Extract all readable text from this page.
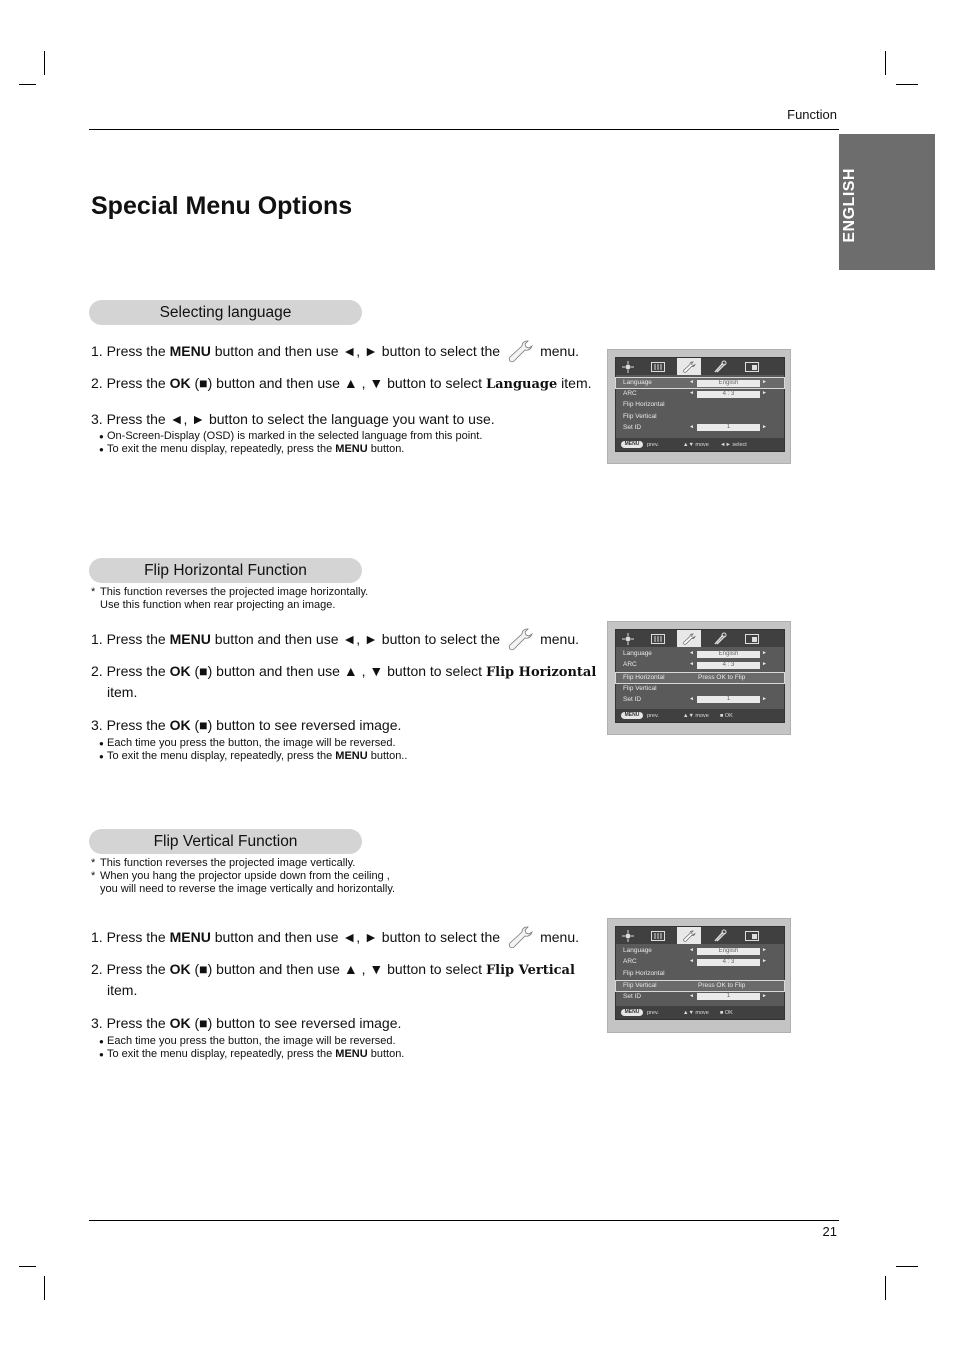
Function
Special Menu Options	ENGLISH
Selecting language
1. Press the MENU button and then use ◄, ► button to select the	menu.
2. Press the OK (■) button and then use ▲ , ▼ button to select Language item.
3. Press the ◄, ► button to select the language you want to use.
● On-Screen-Display (OSD) is marked in the selected language from this point.
● To exit the menu display, repeatedly, press the MENU button.
Language	◄	English	►
ARC	◄	4 : 3	►
Flip Horizontal
Flip Vertical
Set ID	◄	1	►
MENU	prev.	▲▼ move ◄► select
Flip Horizontal Function
* This function reverses the projected image horizontally.
Use this function when rear projecting an image.
1. Press the MENU button and then use ◄, ► button to select the	menu.
2. Press the OK (■) button and then use ▲ , ▼ button to select Flip Horizontal
item.
3. Press the OK (■) button to see reversed image.
● Each time you press the button, the image will be reversed.
● To exit the menu display, repeatedly, press the MENU button..
Language	◄	English	►
ARC	◄	4 : 3	►
Flip Horizontal	Press OK to Flip
Flip Vertical
Set ID	◄	1	►
MENU	prev.	▲▼ move ■ OK
Flip Vertical Function
* This function reverses the projected image vertically.
* When you hang the projector upside down from the ceiling ,
you will need to reverse the image vertically and horizontally.
1. Press the MENU button and then use ◄, ► button to select the	menu.
2. Press the OK (■) button and then use ▲ , ▼ button to select Flip Vertical
item.
3. Press the OK (■) button to see reversed image.
● Each time you press the button, the image will be reversed.
● To exit the menu display, repeatedly, press the MENU button.
Language	◄	English	►
ARC	◄	4 : 3	►
Flip Horizontal
Flip Vertical	Press OK to Flip
Set ID	◄	1	►
MENU	prev.	▲▼ move ■ OK
21
